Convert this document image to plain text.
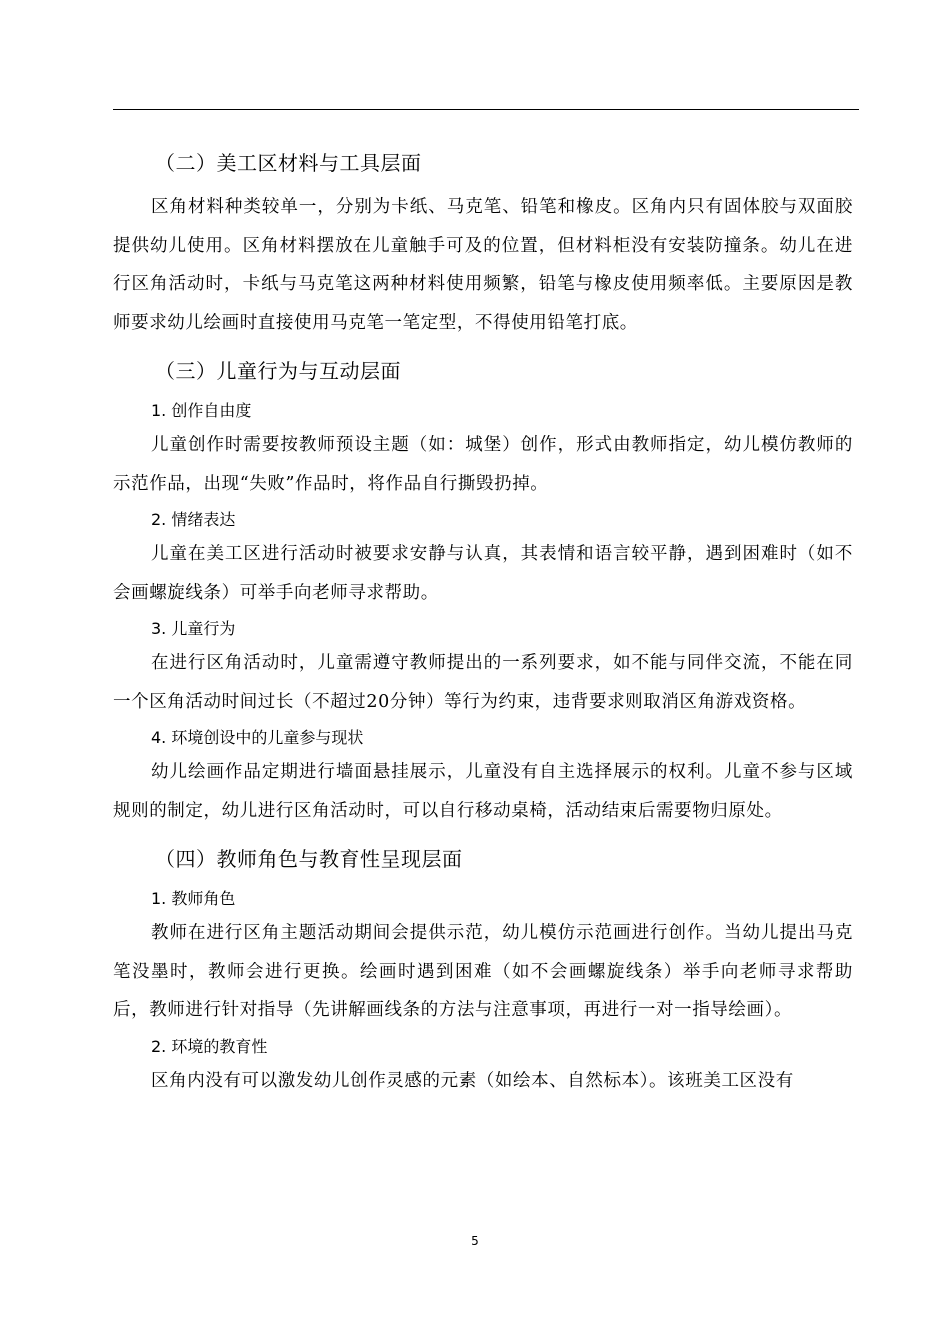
（二）美工区材料与工具层面

区角材料种类较单一，分别为卡纸、马克笔、铅笔和橡皮。区角内只有固体胶与双面胶提供幼儿使用。区角材料摆放在儿童触手可及的位置，但材料柜没有安装防撞条。幼儿在进行区角活动时，卡纸与马克笔这两种材料使用频繁，铅笔与橡皮使用频率低。主要原因是教师要求幼儿绘画时直接使用马克笔一笔定型，不得使用铅笔打底。

（三）儿童行为与互动层面
1. 创作自由度

儿童创作时需要按教师预设主题（如：城堡）创作，形式由教师指定，幼儿模仿教师的示范作品，出现“失败”作品时，将作品自行撕毁扔掉。

2. 情绪表达

儿童在美工区进行活动时被要求安静与认真，其表情和语言较平静，遇到困难时（如不会画螺旋线条）可举手向老师寻求帮助。

3. 儿童行为

在进行区角活动时，儿童需遵守教师提出的一系列要求，如不能与同伴交流，不能在同一个区角活动时间过长（不超过20分钟）等行为约束，违背要求则取消区角游戏资格。

4. 环境创设中的儿童参与现状

幼儿绘画作品定期进行墙面悬挂展示，儿童没有自主选择展示的权利。儿童不参与区域规则的制定，幼儿进行区角活动时，可以自行移动桌椅，活动结束后需要物归原处。

（四）教师角色与教育性呈现层面
1. 教师角色

教师在进行区角主题活动期间会提供示范，幼儿模仿示范画进行创作。当幼儿提出马克笔没墨时，教师会进行更换。绘画时遇到困难（如不会画螺旋线条）举手向老师寻求帮助后，教师进行针对指导（先讲解画线条的方法与注意事项，再进行一对一指导绘画）。

2. 环境的教育性

区角内没有可以激发幼儿创作灵感的元素（如绘本、自然标本）。该班美工区没有

5
